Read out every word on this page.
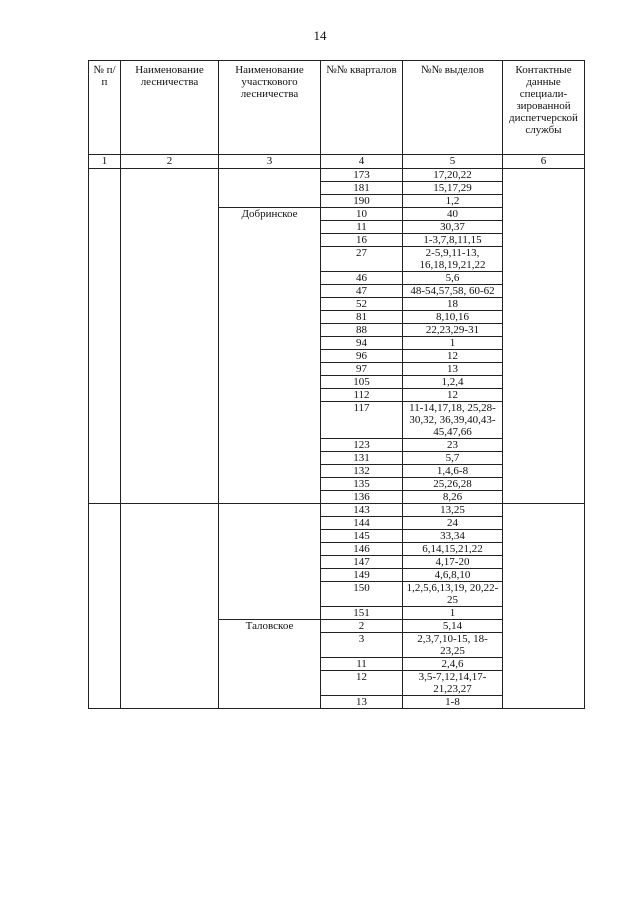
14
№ п/п	Наименование лесничества	Наименование участкового лесничества	№№ кварталов	№№ выделов	Контактные данные специали-зированной диспетчерской службы
1	2	3	4	5	6
			173	17,20,22	
			181	15,17,29	
			190	1,2	
		Добринское	10	40	
			11	30,37	
			16	1-3,7,8,11,15	
			27	2-5,9,11-13, 16,18,19,21,22	
			46	5,6	
			47	48-54,57,58, 60-62	
			52	18	
			81	8,10,16	
			88	22,23,29-31	
			94	1	
			96	12	
			97	13	
			105	1,2,4	
			112	12	
			117	11-14,17,18, 25,28-30,32, 36,39,40,43- 45,47,66	
			123	23	
			131	5,7	
			132	1,4,6-8	
			135	25,26,28	
			136	8,26	
			143	13,25	
			144	24	
			145	33,34	
			146	6,14,15,21,22	
			147	4,17-20	
			149	4,6,8,10	
			150	1,2,5,6,13,19, 20,22-25	
			151	1	
		Таловское	2	5,14	
			3	2,3,7,10-15, 18- 23,25	
			11	2,4,6	
			12	3,5-7,12,14,17- 21,23,27	
			13	1-8	
